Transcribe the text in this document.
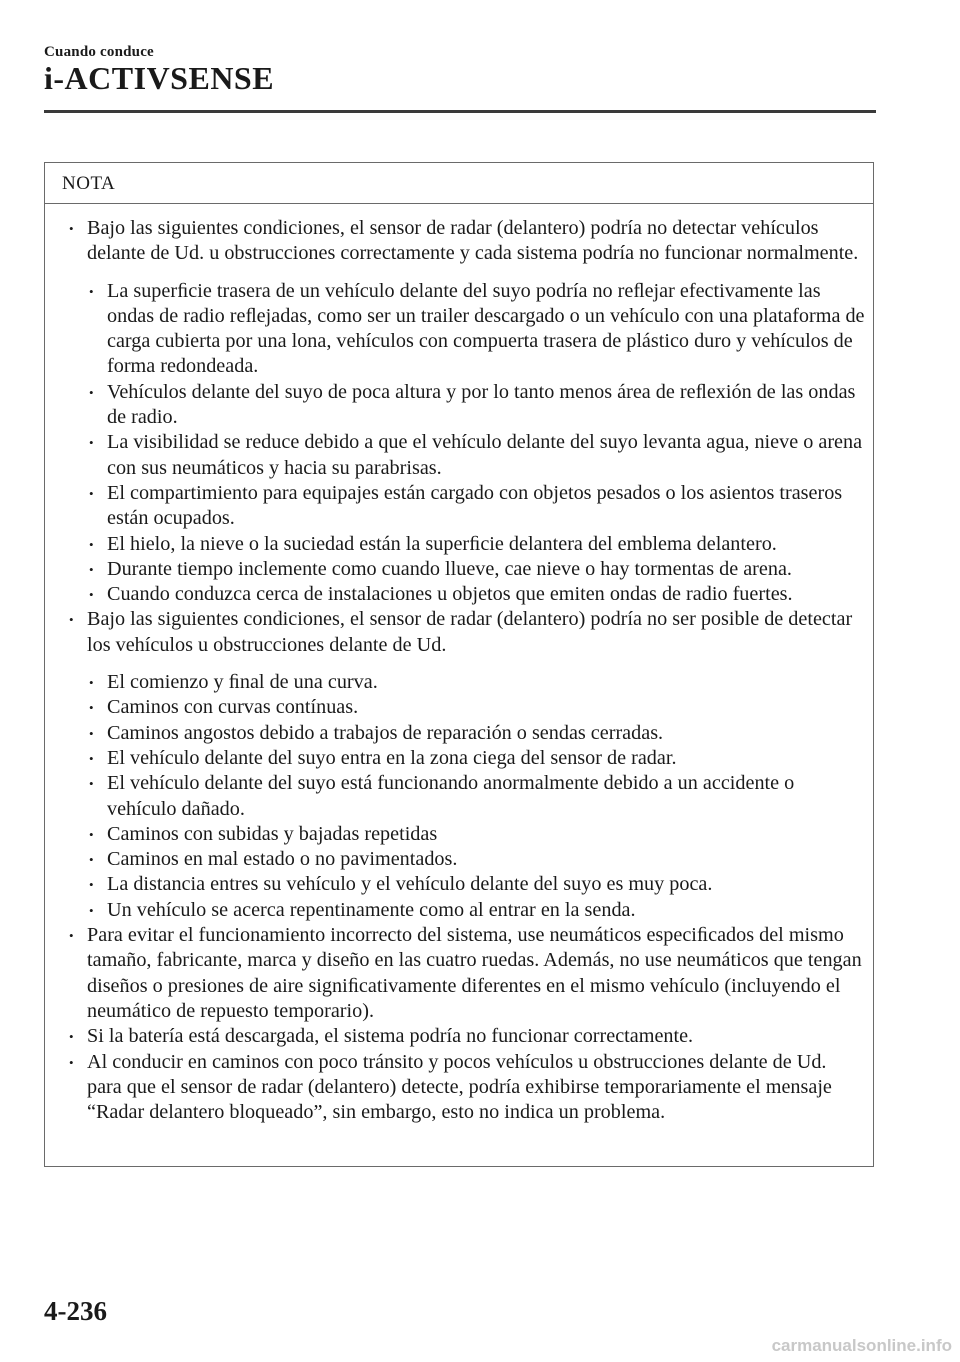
Cuando conduce
i-ACTIVSENSE
NOTA
• Bajo las siguientes condiciones, el sensor de radar (delantero) podría no detectar vehículos delante de Ud. u obstrucciones correctamente y cada sistema podría no funcionar normalmente.
• La superﬁcie trasera de un vehículo delante del suyo podría no reﬂejar efectivamente las ondas de radio reﬂejadas, como ser un trailer descargado o un vehículo con una plataforma de carga cubierta por una lona, vehículos con compuerta trasera de plástico duro y vehículos de forma redondeada.
• Vehículos delante del suyo de poca altura y por lo tanto menos área de reﬂexión de las ondas de radio.
• La visibilidad se reduce debido a que el vehículo delante del suyo levanta agua, nieve o arena con sus neumáticos y hacia su parabrisas.
• El compartimiento para equipajes están cargado con objetos pesados o los asientos traseros están ocupados.
• El hielo, la nieve o la suciedad están la superﬁcie delantera del emblema delantero.
• Durante tiempo inclemente como cuando llueve, cae nieve o hay tormentas de arena.
• Cuando conduzca cerca de instalaciones u objetos que emiten ondas de radio fuertes.
• Bajo las siguientes condiciones, el sensor de radar (delantero) podría no ser posible de detectar los vehículos u obstrucciones delante de Ud.
• El comienzo y ﬁnal de una curva.
• Caminos con curvas contínuas.
• Caminos angostos debido a trabajos de reparación o sendas cerradas.
• El vehículo delante del suyo entra en la zona ciega del sensor de radar.
• El vehículo delante del suyo está funcionando anormalmente debido a un accidente o vehículo dañado.
• Caminos con subidas y bajadas repetidas
• Caminos en mal estado o no pavimentados.
• La distancia entres su vehículo y el vehículo delante del suyo es muy poca.
• Un vehículo se acerca repentinamente como al entrar en la senda.
• Para evitar el funcionamiento incorrecto del sistema, use neumáticos especiﬁcados del mismo tamaño, fabricante, marca y diseño en las cuatro ruedas. Además, no use neumáticos que tengan diseños o presiones de aire signiﬁcativamente diferentes en el mismo vehículo (incluyendo el neumático de repuesto temporario).
• Si la batería está descargada, el sistema podría no funcionar correctamente.
• Al conducir en caminos con poco tránsito y pocos vehículos u obstrucciones delante de Ud. para que el sensor de radar (delantero) detecte, podría exhibirse temporariamente el mensaje “Radar delantero bloqueado”, sin embargo, esto no indica un problema.
4-236
carmanualsonline.info
